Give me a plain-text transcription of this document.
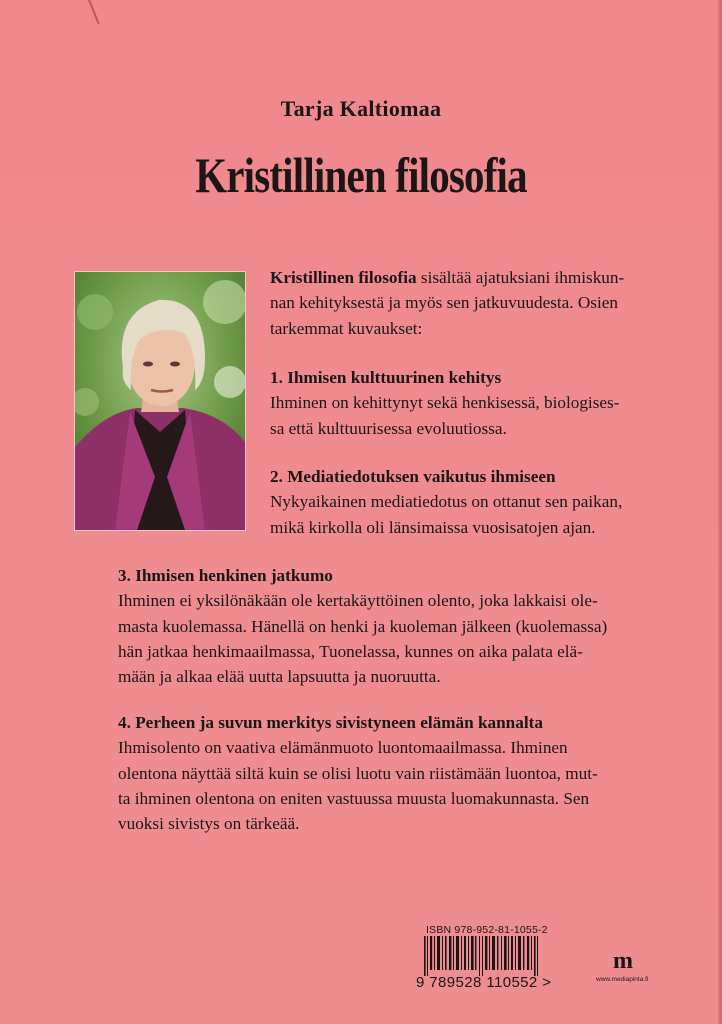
Tarja Kaltiomaa
Kristillinen filosofia
Kristillinen filosofia sisältää ajatuksiani ihmiskun-
nan kehityksestä ja myös sen jatkuvuudesta. Osien
tarkemmat kuvaukset:
1. Ihmisen kulttuurinen kehitys
Ihminen on kehittynyt sekä henkisessä, biologises-
sa että kulttuurisessa evoluutiossa.
2. Mediatiedotuksen vaikutus ihmiseen
Nykyaikainen mediatiedotus on ottanut sen paikan,
mikä kirkolla oli länsimaissa vuosisatojen ajan.
3. Ihmisen henkinen jatkumo
Ihminen ei yksilönäkään ole kertakäyttöinen olento, joka lakkaisi ole-
masta kuolemassa. Hänellä on henki ja kuoleman jälkeen (kuolemassa)
hän jatkaa henkimaailmassa, Tuonelassa, kunnes on aika palata elä-
mään ja alkaa elää uutta lapsuutta ja nuoruutta.
4. Perheen ja suvun merkitys sivistyneen elämän kannalta
Ihmisolento on vaativa elämänmuoto luontomaailmassa. Ihminen
olentona näyttää siltä kuin se olisi luotu vain riistämään luontoa, mut-
ta ihminen olentona on eniten vastuussa muusta luomakunnasta. Sen
vuoksi sivistys on tärkeää.
ISBN 978-952-81-1055-2
9 789528 110552 >
m
www.mediapinta.fi
